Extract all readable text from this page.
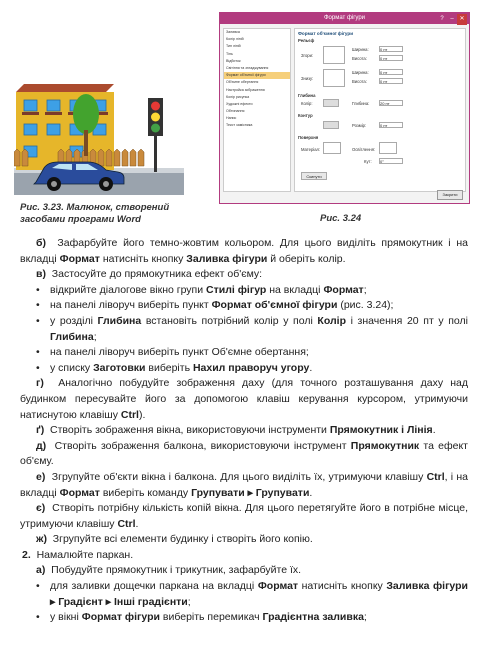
Рис. 3.23. Малюнок, створений засобами програми Word
Формат фігури	? – ✕
Заливка
Колір ліній
Тип ліній
Тінь
Відбиток
Світіння та згладжування
Формат об'ємної фігури
Об'ємне обертання
Настройка зображення
Колір рисунка
Художні ефекти
Обтинання
Напис
Текст замісника
Формат об'ємної фігури
Рельєф
Згори:
Ширина:	0 пт
Висота:	0 пт
Знизу:
Ширина:	0 пт
Висота:	0 пт
Глибина
Колір:	Глибина:	20 пт
Контур
Розмір:	0 пт
Поверхня
Матеріал:	Освітлення:
Кут: 0°
Скинути
Закрити
Рис. 3.24
б)  Зафарбуйте його темно-жовтим кольором. Для цього виділіть прямокутник і на вкладці Формат натисніть кнопку Заливка фігури й оберіть колір.
в)  Застосуйте до прямокутника ефект об'єму:
• відкрийте діалогове вікно групи Стилі фігур на вкладці Формат;
• на панелі ліворуч виберіть пункт Формат об'ємної фігури (рис. 3.24);
• у розділі Глибина встановіть потрібний колір у полі Колір і значення 20 пт у полі Глибина;
• на панелі ліворуч виберіть пункт Об'ємне обертання;
• у списку Заготовки виберіть Нахил праворуч угору.
г)  Аналогічно побудуйте зображення даху (для точного розташування даху над будинком пересувайте його за допомогою клавіш керування курсором, утримуючи натиснутою клавішу Ctrl).
ґ)  Створіть зображення вікна, використовуючи інструменти Прямокутник і Лінія.
д)  Створіть зображення балкона, використовуючи інструмент Прямокутник та ефект об'єму.
е)  Згрупуйте об'єкти вікна і балкона. Для цього виділіть їх, утримуючи клавішу Ctrl, і на вкладці Формат виберіть команду Групувати ▸ Групувати.
є)  Створіть потрібну кількість копій вікна. Для цього перетягуйте його в потрібне місце, утримуючи клавішу Ctrl.
ж)  Згрупуйте всі елементи будинку і створіть його копію.
2.  Намалюйте паркан.
а)  Побудуйте прямокутник і трикутник, зафарбуйте їх.
• для заливки дощечки паркана на вкладці Формат натисніть кнопку Заливка фігури ▸ Градієнт ▸ Інші градієнти;
• у вікні Формат фігури виберіть перемикач Градієнтна заливка;
